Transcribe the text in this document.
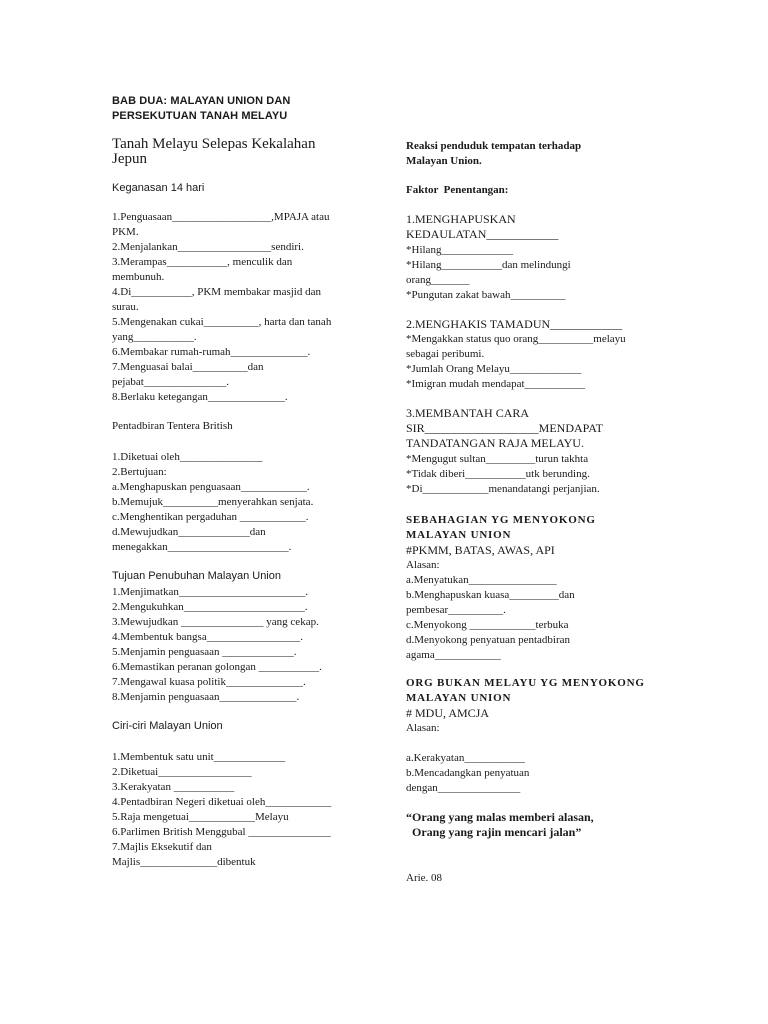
BAB DUA: MALAYAN UNION DAN
PERSEKUTUAN TANAH MELAYU
Tanah Melayu Selepas Kekalahan
Jepun
Keganasan 14 hari
1.Penguasaan__________________,MPAJA atau
PKM.
2.Menjalankan_________________sendiri.
3.Merampas___________, menculik dan
membunuh.
4.Di___________, PKM membakar masjid dan
surau.
5.Mengenakan cukai__________, harta dan tanah
yang___________.
6.Membakar rumah-rumah______________.
7.Menguasai balai__________dan
pejabat_______________.
8.Berlaku ketegangan______________.
Pentadbiran Tentera British
1.Diketuai oleh_______________
2.Bertujuan:
a.Menghapuskan penguasaan____________.
b.Memujuk__________menyerahkan senjata.
c.Menghentikan pergaduhan ____________.
d.Mewujudkan_____________dan
menegakkan______________________.
Tujuan Penubuhan Malayan Union
1.Menjimatkan_______________________.
2.Mengukuhkan______________________.
3.Mewujudkan _______________ yang cekap.
4.Membentuk bangsa_________________.
5.Menjamin penguasaan _____________.
6.Memastikan peranan golongan ___________.
7.Mengawal kuasa politik______________.
8.Menjamin penguasaan______________.
Ciri-ciri Malayan Union
1.Membentuk satu unit_____________
2.Diketuai_________________
3.Kerakyatan ___________
4.Pentadbiran Negeri diketuai oleh____________
5.Raja mengetuai____________Melayu
6.Parlimen British Menggubal _______________
7.Majlis Eksekutif dan
Majlis______________dibentuk
Reaksi penduduk tempatan terhadap
Malayan Union.
Faktor  Penentangan:
1.MENGHAPUSKAN
KEDAULATAN____________
*Hilang_____________
*Hilang___________dan melindungi
orang_______
*Pungutan zakat bawah__________
2.MENGHAKIS TAMADUN____________
*Mengakkan status quo orang__________melayu
sebagai peribumi.
*Jumlah Orang Melayu_____________
*Imigran mudah mendapat___________
3.MEMBANTAH CARA
SIR___________________MENDAPAT
TANDATANGAN RAJA MELAYU.
*Mengugut sultan_________turun takhta
*Tidak diberi___________utk berunding.
*Di____________menandatangi perjanjian.
SEBAHAGIAN YG MENYOKONG
MALAYAN UNION
#PKMM, BATAS, AWAS, API
Alasan:
a.Menyatukan________________
b.Menghapuskan kuasa_________dan
pembesar__________.
c.Menyokong ____________terbuka
d.Menyokong penyatuan pentadbiran
agama____________
ORG BUKAN MELAYU YG MENYOKONG
MALAYAN UNION
# MDU, AMCJA
Alasan:
a.Kerakyatan___________
b.Mencadangkan penyatuan
dengan_______________
“Orang yang malas memberi alasan,
Orang yang rajin mencari jalan”
Arie. 08
